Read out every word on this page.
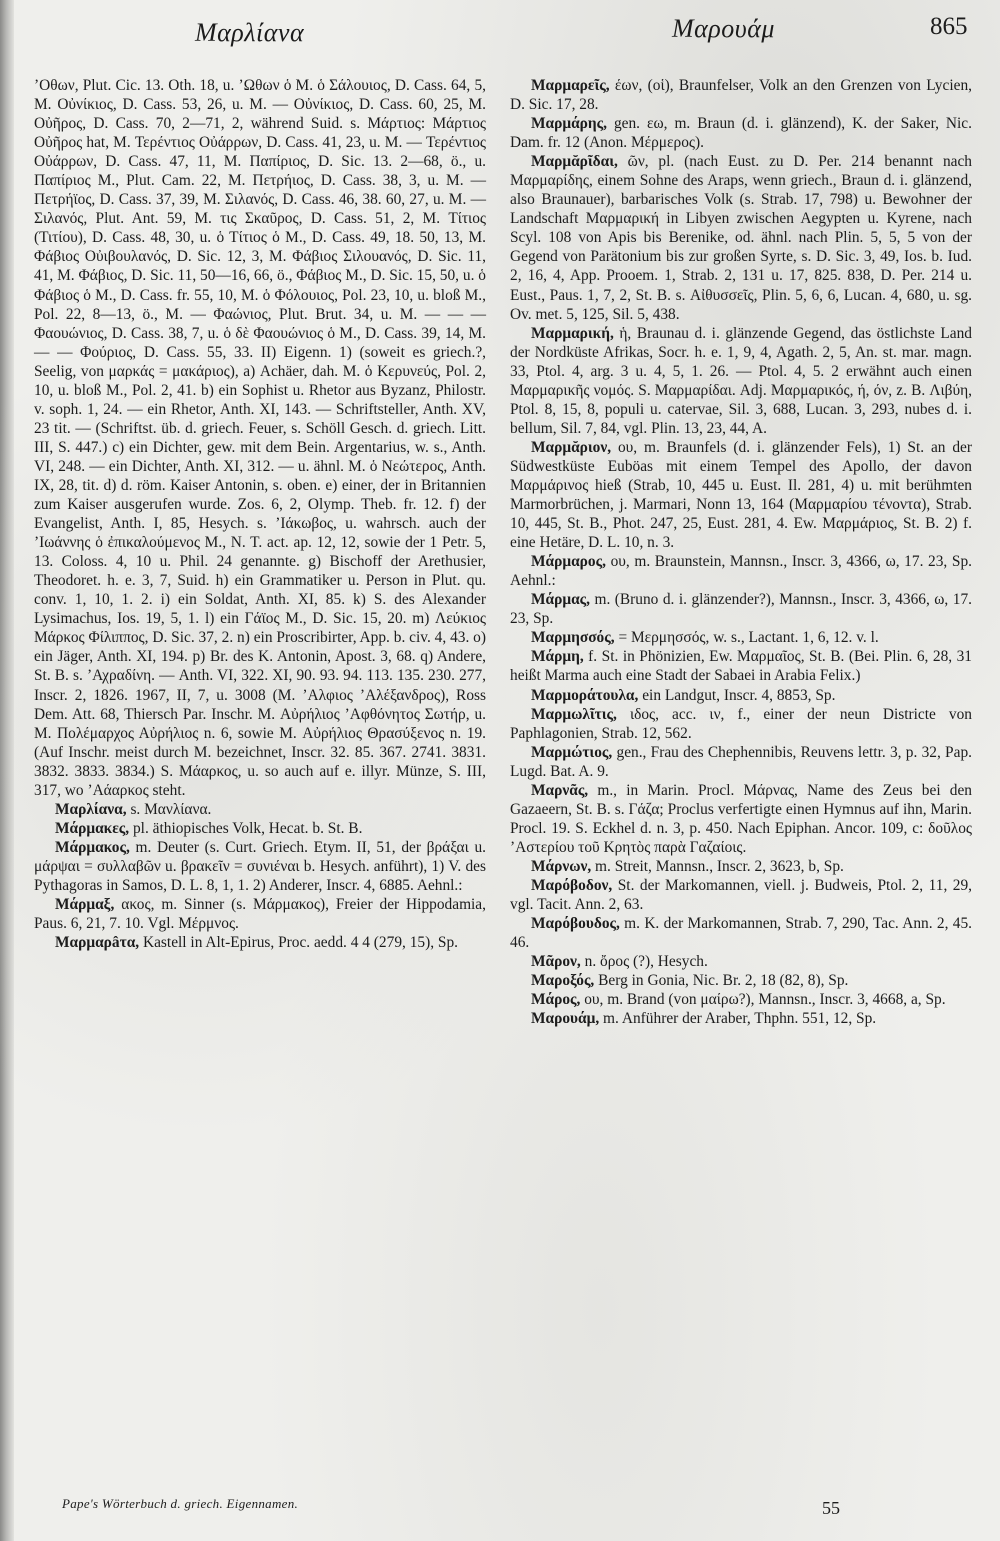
Μαρλίανα	Μαρουάμ	865

ʼΟθων, Plut. Cic. 13. Oth. 18, u. ʼΩθων ὁ M. ὁ Σάλουιος, D. Cass. 64, 5, M. Οὐνίκιος, D. Cass. 53, 26, u. M. — Οὐνίκιος, D. Cass. 60, 25, M. Οὐῆρος, D. Cass. 70, 2—71, 2, während Suid. s. Μάρτιος: Μάρτιος Οὐῆρος hat, M. Τερέντιος Οὐάρρων, D. Cass. 41, 23, u. M. — Τερέντιος Οὐάρρων, D. Cass. 47, 11, M. Παπίριος, D. Sic. 13. 2—68, ö., u. Παπίριος M., Plut. Cam. 22, M. Πετρήιος, D. Cass. 38, 3, u. M. — Πετρήϊος, D. Cass. 37, 39, M. Σιλανός, D. Cass. 46, 38. 60, 27, u. M. — Σιλανός, Plut. Ant. 59, M. τις Σκαῦρος, D. Cass. 51, 2, M. Τίτιος (Τιτίου), D. Cass. 48, 30, u. ὁ Τίτιος ὁ M., D. Cass. 49, 18. 50, 13, M. Φάβιος Οὐιβουλανός, D. Sic. 12, 3, M. Φάβιος Σιλουανός, D. Sic. 11, 41, M. Φάβιος, D. Sic. 11, 50—16, 66, ö., Φάβιος M., D. Sic. 15, 50, u. ὁ Φάβιος ὁ M., D. Cass. fr. 55, 10, M. ὁ Φόλουιος, Pol. 23, 10, u. bloß M., Pol. 22, 8—13, ö., M. — Φαώνιος, Plut. Brut. 34, u. M. — — — Φαουώνιος, D. Cass. 38, 7, u. ὁ δὲ Φαουώνιος ὁ M., D. Cass. 39, 14, M. — — Φούριος, D. Cass. 55, 33. II) Eigenn. 1) (soweit es griech.?, Seelig, von μαρκάς = μακάριος), a) Achäer, dah. M. ὁ Κερυνεύς, Pol. 2, 10, u. bloß M., Pol. 2, 41. b) ein Sophist u. Rhetor aus Byzanz, Philostr. v. soph. 1, 24. — ein Rhetor, Anth. XI, 143. — Schriftsteller, Anth. XV, 23 tit. — (Schriftst. üb. d. griech. Feuer, s. Schöll Gesch. d. griech. Litt. III, S. 447.) c) ein Dichter, gew. mit dem Bein. Argentarius, w. s., Anth. VI, 248. — ein Dichter, Anth. XI, 312. — u. ähnl. M. ὁ Νεώτερος, Anth. IX, 28, tit. d) d. röm. Kaiser Antonin, s. oben. e) einer, der in Britannien zum Kaiser ausgerufen wurde. Zos. 6, 2, Olymp. Theb. fr. 12. f) der Evangelist, Anth. I, 85, Hesych. s. ʼΙάκωβος, u. wahrsch. auch der ʼΙωάννης ὁ ἐπικαλούμενος M., N. T. act. ap. 12, 12, sowie der 1 Petr. 5, 13. Coloss. 4, 10 u. Phil. 24 genannte. g) Bischoff der Arethusier, Theodoret. h. e. 3, 7, Suid. h) ein Grammatiker u. Person in Plut. qu. conv. 1, 10, 1. 2. i) ein Soldat, Anth. XI, 85. k) S. des Alexander Lysimachus, Ios. 19, 5, 1. l) ein Γάϊος M., D. Sic. 15, 20. m) Λεύκιος Μάρκος Φίλιππος, D. Sic. 37, 2. n) ein Proscribirter, App. b. civ. 4, 43. o) ein Jäger, Anth. XI, 194. p) Br. des K. Antonin, Apost. 3, 68. q) Andere, St. B. s. ʼΑχραδίνη. — Anth. VI, 322. XI, 90. 93. 94. 113. 135. 230. 277, Inscr. 2, 1826. 1967, II, 7, u. 3008 (M. ʼΑλφιος ʼΑλέξανδρος), Ross Dem. Att. 68, Thiersch Par. Inschr. M. Αὐρήλιος ʼΑφθόνητος Σωτήρ, u. M. Πολέμαρχος Αὐρήλιος n. 6, sowie M. Αὐρήλιος Θρασύξενος n. 19. (Auf Inschr. meist durch M. bezeichnet, Inscr. 32. 85. 367. 2741. 3831. 3832. 3833. 3834.) S. Μάαρκος, u. so auch auf e. illyr. Münze, S. III, 317, wo ʼΑάαρκος steht.

Μαρλίανα, s. Μανλίανα.

Μάρμακες, pl. äthiopisches Volk, Hecat. b. St. B.

Μάρμακος, m. Deuter (s. Curt. Griech. Etym. II, 51, der βράξαι u. μάρψαι = συλλαβῶν u. βρακεῖν = συνιέναι b. Hesych. anführt), 1) V. des Pythagoras in Samos, D. L. 8, 1, 1. 2) Anderer, Inscr. 4, 6885. Aehnl.:

Μάρμαξ, ακος, m. Sinner (s. Μάρμακος), Freier der Hippodamia, Paus. 6, 21, 7. 10. Vgl. Μέρμνος.

Μαρμαρâτα, Kastell in Alt-Epirus, Proc. aedd. 4 4 (279, 15), Sp.

Μαρμαρεῖς, έων, (οἱ), Braunfelser, Volk an den Grenzen von Lycien, D. Sic. 17, 28.

Μαρμάρης, gen. εω, m. Braun (d. i. glänzend), K. der Saker, Nic. Dam. fr. 12 (Anon. Μέρμερος).

Μαρμᾰρῖδαι, ῶν, pl. (nach Eust. zu D. Per. 214 benannt nach Μαρμαρίδης, einem Sohne des Araps, wenn griech., Braun d. i. glänzend, also Braunauer), barbarisches Volk (s. Strab. 17, 798) u. Bewohner der Landschaft Μαρμαρική in Libyen zwischen Aegypten u. Kyrene, nach Scyl. 108 von Apis bis Berenike, od. ähnl. nach Plin. 5, 5, 5 von der Gegend von Parätonium bis zur großen Syrte, s. D. Sic. 3, 49, Ios. b. Iud. 2, 16, 4, App. Prooem. 1, Strab. 2, 131 u. 17, 825. 838, D. Per. 214 u. Eust., Paus. 1, 7, 2, St. B. s. Αἰθυσσεῖς, Plin. 5, 6, 6, Lucan. 4, 680, u. sg. Ov. met. 5, 125, Sil. 5, 438.

Μαρμαρική, ἡ, Braunau d. i. glänzende Gegend, das östlichste Land der Nordküste Afrikas, Socr. h. e. 1, 9, 4, Agath. 2, 5, An. st. mar. magn. 33, Ptol. 4, arg. 3 u. 4, 5, 1. 26. — Ptol. 4, 5. 2 erwähnt auch einen Μαρμαρικῆς νομός. S. Μαρμαρίδαι. Adj. Μαρμαρικός, ή, όν, z. B. Λιβύη, Ptol. 8, 15, 8, populi u. catervae, Sil. 3, 688, Lucan. 3, 293, nubes d. i. bellum, Sil. 7, 84, vgl. Plin. 13, 23, 44, A.

Μαρμᾰριον, ου, m. Braunfels (d. i. glänzender Fels), 1) St. an der Südwestküste Euböas mit einem Tempel des Apollo, der davon Μαρμάρινος hieß (Strab, 10, 445 u. Eust. Il. 281, 4) u. mit berühmten Marmorbrüchen, j. Marmari, Nonn 13, 164 (Μαρμαρίου τένοντα), Strab. 10, 445, St. B., Phot. 247, 25, Eust. 281, 4. Ew. Μαρμάριος, St. B. 2) f. eine Hetäre, D. L. 10, n. 3.

Μάρμαρος, ου, m. Braunstein, Mannsn., Inscr. 3, 4366, ω, 17. 23, Sp. Aehnl.:

Μάρμας, m. (Bruno d. i. glänzender?), Mannsn., Inscr. 3, 4366, ω, 17. 23, Sp.

Μαρμησσός, = Μερμησσός, w. s., Lactant. 1, 6, 12. v. l.

Μάρμη, f. St. in Phönizien, Ew. Μαρμαῖος, St. B. (Bei. Plin. 6, 28, 31 heißt Marma auch eine Stadt der Sabaei in Arabia Felix.)

Μαρμοράτουλα, ein Landgut, Inscr. 4, 8853, Sp.

Μαρμωλῖτις, ιδος, acc. ιν, f., einer der neun Districte von Paphlagonien, Strab. 12, 562.

Μαρμώτιος, gen., Frau des Chephennibis, Reuvens lettr. 3, p. 32, Pap. Lugd. Bat. A. 9.

Μαρνᾶς, m., in Marin. Procl. Μάρνας, Name des Zeus bei den Gazaeern, St. B. s. Γάζα; Proclus verfertigte einen Hymnus auf ihn, Marin. Procl. 19. S. Eckhel d. n. 3, p. 450. Nach Epiphan. Ancor. 109, c: δοῦλος ʼΑστερίου τοῦ Κρητὸς παρὰ Γαζαίοις.

Μάρνων, m. Streit, Mannsn., Inscr. 2, 3623, b, Sp.

Μαρόβοδον, St. der Markomannen, viell. j. Budweis, Ptol. 2, 11, 29, vgl. Tacit. Ann. 2, 63.

Μαρόβουδος, m. K. der Markomannen, Strab. 7, 290, Tac. Ann. 2, 45. 46.

Μᾶρον, n. ὄρος (?), Hesych.

Μαροξός, Berg in Gonia, Nic. Br. 2, 18 (82, 8), Sp.

Μάρος, ου, m. Brand (von μαίρω?), Mannsn., Inscr. 3, 4668, a, Sp.

Μαρουάμ, m. Anführer der Araber, Thphn. 551, 12, Sp.

Pape's Wörterbuch d. griech. Eigennamen.	55
